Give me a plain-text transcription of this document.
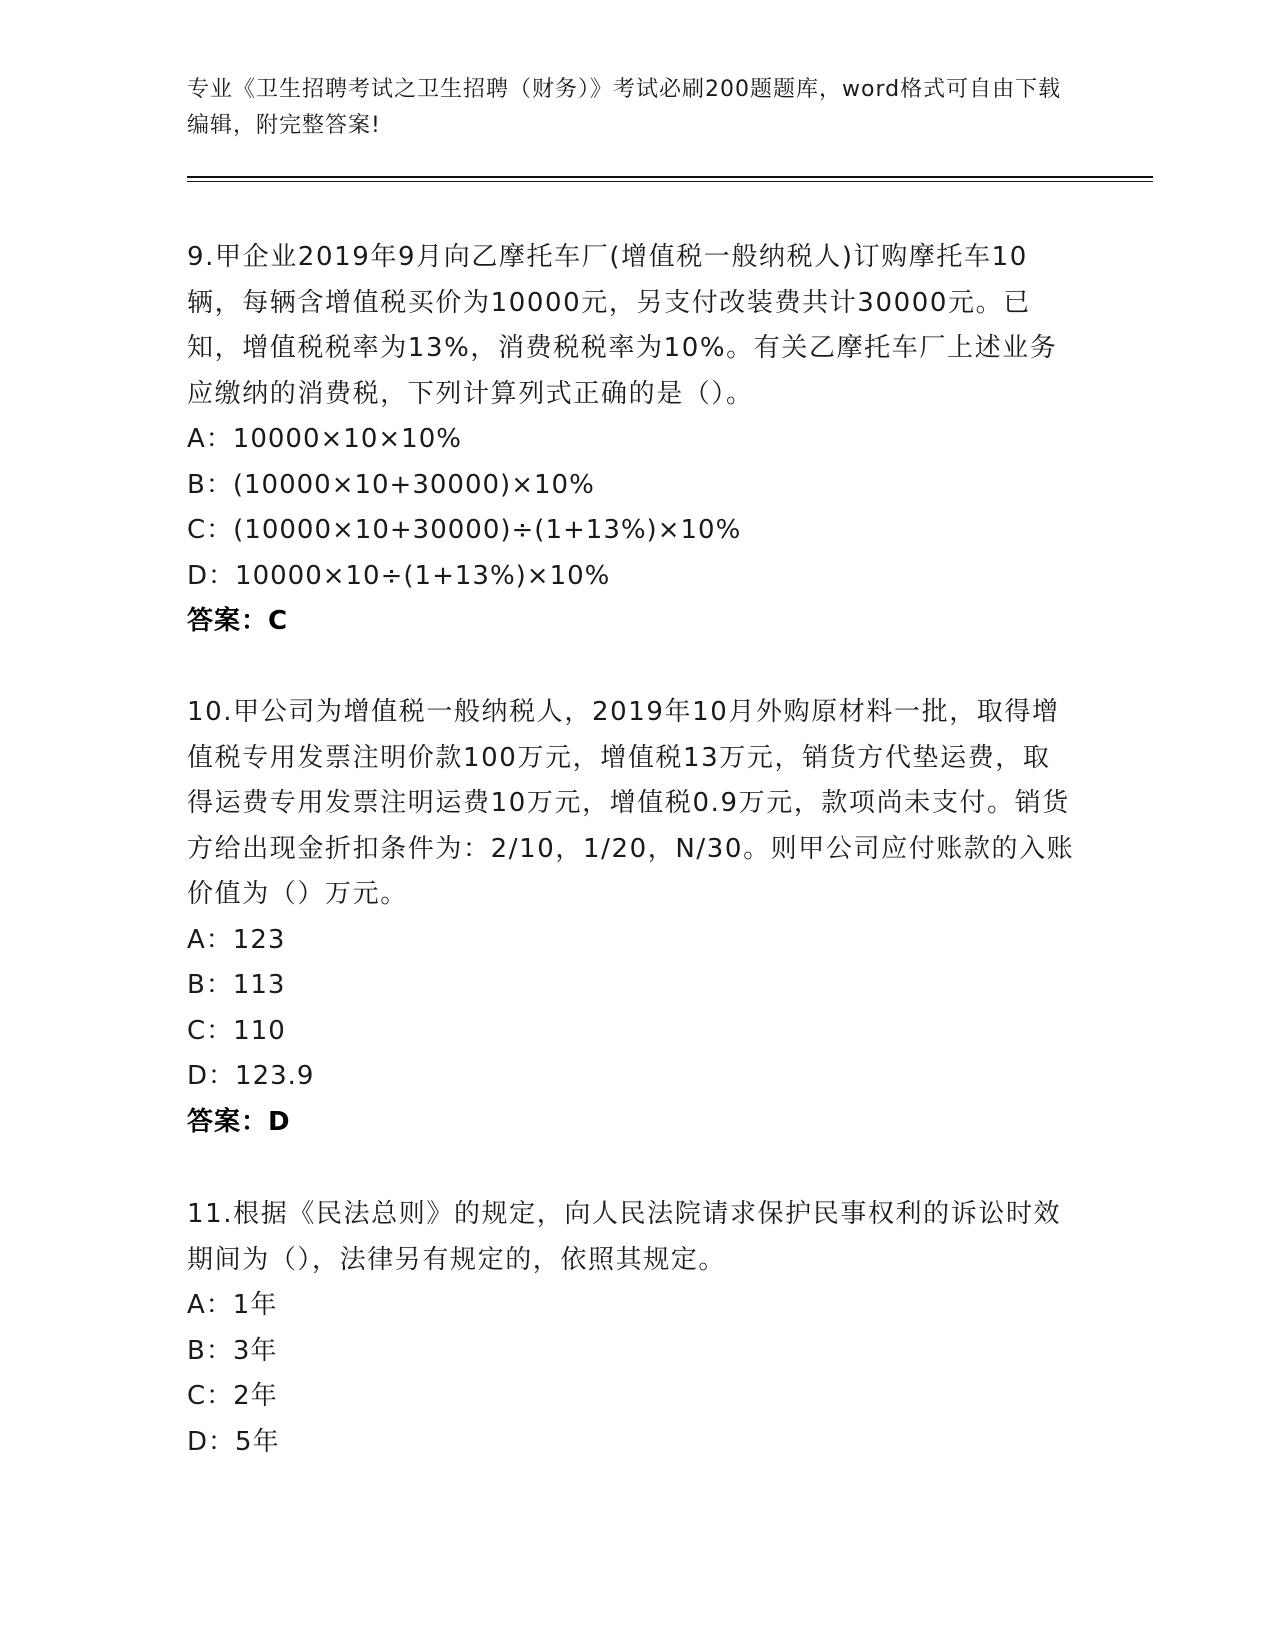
专业《卫生招聘考试之卫生招聘（财务）》考试必刷200题题库，word格式可自由下载编辑，附完整答案!

9.甲企业2019年9月向乙摩托车厂(增值税一般纳税人)订购摩托车10辆，每辆含增值税买价为10000元，另支付改装费共计30000元。已知，增值税税率为13%，消费税税率为10%。有关乙摩托车厂上述业务应缴纳的消费税，下列计算列式正确的是（）。

A：10000×10×10%

B：(10000×10+30000)×10%

C：(10000×10+30000)÷(1+13%)×10%

D：10000×10÷(1+13%)×10%

答案：C

10.甲公司为增值税一般纳税人，2019年10月外购原材料一批，取得增值税专用发票注明价款100万元，增值税13万元，销货方代垫运费，取得运费专用发票注明运费10万元，增值税0.9万元，款项尚未支付。销货方给出现金折扣条件为：2/10，1/20，N/30。则甲公司应付账款的入账价值为（）万元。

A：123

B：113

C：110

D：123.9

答案：D

11.根据《民法总则》的规定，向人民法院请求保护民事权利的诉讼时效期间为（），法律另有规定的，依照其规定。

A：1年

B：3年

C：2年

D：5年
